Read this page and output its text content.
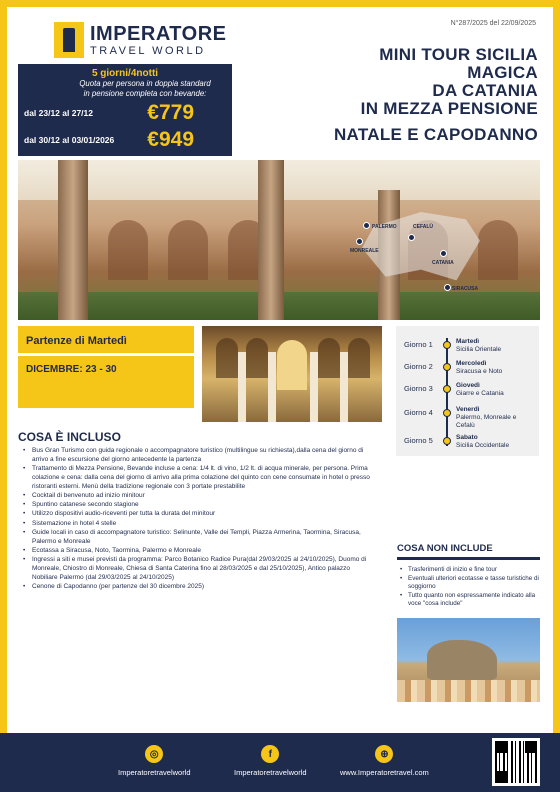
IMPERATORE
TRAVEL WORLD
N°287/2025 del 22/09/2025
5 giorni/4notti
Quota per persona in doppia standard in pensione completa con bevande:
dal 23/12 al 27/12	€779
dal 30/12 al 03/01/2026 €949
MINI TOUR SICILIA
MAGICA
DA CATANIA
IN MEZZA PENSIONE
NATALE E CAPODANNO
PALERMO	CEFALÙ
MONREALE
CATANIA
SIRACUSA
Partenze di Martedì
DICEMBRE: 23 - 30
Giorno 1	Martedì
Sicilia Orientale
Giorno 2	Mercoledì
Siracusa e Noto
Giorno 3	Giovedì
Giarre e Catania
Giorno 4	Venerdì
Palermo, Monreale e Cefalù
Giorno 5	Sabato
Sicilia Occidentale
COSA È INCLUSO
• Bus Gran Turismo con guida regionale o accompagnatore turistico (multilingue su richiesta),dalla cena del giorno di arrivo a fine escursione del giorno antecedente la partenza
• Trattamento di Mezza Pensione, Bevande incluse a cena: 1/4 lt. di vino, 1/2 lt. di acqua minerale, per persona. Prima colazione e cena: dalla cena del giorno di arrivo alla prima colazione del quinto con cene consumate in hotel o presso ristoranti esterni. Menù della tradizione regionale con 3 portate prestabilite
• Cocktail di benvenuto ad inizio minitour
• Spuntino catanese secondo stagione
• Utilizzo dispositivi audio-riceventi per tutta la durata del minitour
• Sistemazione in hotel 4 stelle
• Guide locali in caso di accompagnatore turistico: Selinunte, Valle dei Templi, Piazza Armerina, Taormina, Siracusa, Palermo e Monreale
• Ecotassa a Siracusa, Noto, Taormina, Palermo e Monreale
• Ingressi a siti e musei previsti da programma: Parco Botanico Radice Pura(dal 29/03/2025 al 24/10/2025), Duomo di Monreale, Chiostro di Monreale, Chiesa di Santa Caterina fino al 28/03/2025 e dal 25/10/2025), Antico palazzo Nobiliare Palermo (dal 29/03/2025 al 24/10/2025)
• Cenone di Capodanno (per partenze del 30 dicembre 2025)
COSA NON INCLUDE
• Trasferimenti di inizio e fine tour
• Eventuali ulteriori ecotasse e tasse turistiche di soggiorno
• Tutto quanto non espressamente indicato alla voce "cosa include"
◎
Imperatoretravelworld
f
Imperatoretravelworld
⊕
www.Imperatoretravel.com
